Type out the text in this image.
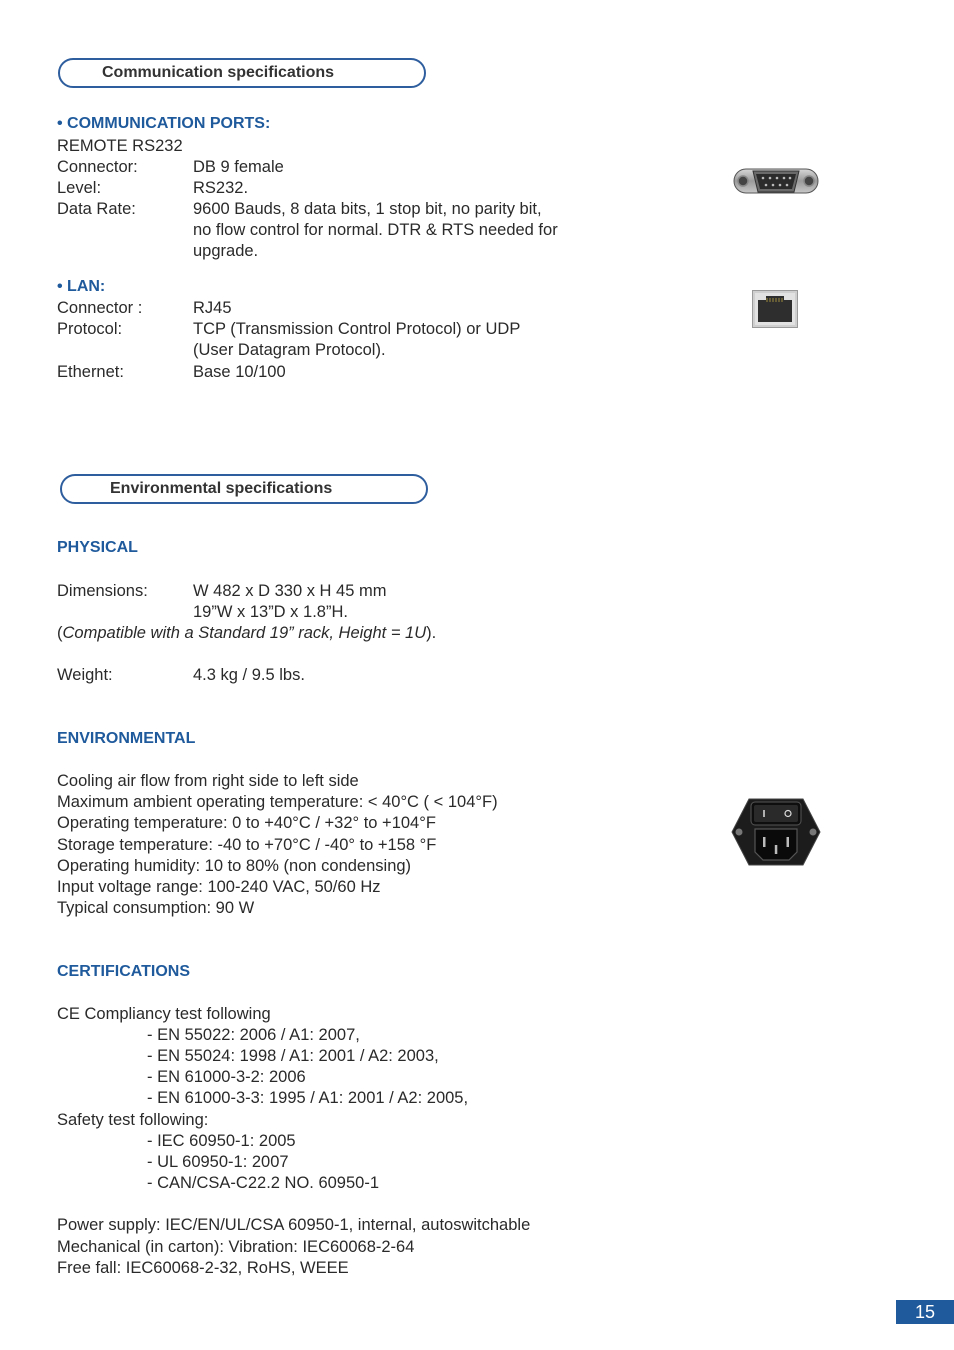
Communication specifications
• COMMUNICATION PORTS:
REMOTE RS232
Connector:	DB 9 female
Level:	RS232.
Data Rate:	9600 Bauds, 8 data bits, 1 stop bit, no parity bit,
no flow control for normal. DTR & RTS needed for
upgrade.
• LAN:
Connector :	RJ45
Protocol:	TCP (Transmission Control Protocol) or UDP
(User Datagram Protocol).
Ethernet:	Base 10/100
Environmental specifications
PHYSICAL
Dimensions:	W 482 x D 330 x H 45 mm
19”W x 13”D x 1.8”H.
(Compatible with a Standard 19” rack, Height = 1U).
Weight:	4.3 kg / 9.5 lbs.
ENVIRONMENTAL
Cooling air flow from right side to left side
Maximum ambient operating temperature: < 40°C ( < 104°F)
Operating temperature: 0 to +40°C / +32° to +104°F
Storage temperature: -40 to +70°C / -40° to +158 °F
Operating humidity: 10 to 80% (non condensing)
Input voltage range: 100-240 VAC, 50/60 Hz
Typical consumption: 90 W
CERTIFICATIONS
CE Compliancy test following
- EN 55022: 2006 / A1: 2007,
- EN 55024: 1998 / A1: 2001 / A2: 2003,
- EN 61000-3-2: 2006
- EN 61000-3-3: 1995 / A1: 2001 / A2: 2005,
Safety test following:
- IEC 60950-1: 2005
- UL 60950-1: 2007
- CAN/CSA-C22.2 NO. 60950-1
Power supply: IEC/EN/UL/CSA 60950-1, internal, autoswitchable
Mechanical (in carton): Vibration: IEC60068-2-64
Free fall: IEC60068-2-32, RoHS, WEEE
15
